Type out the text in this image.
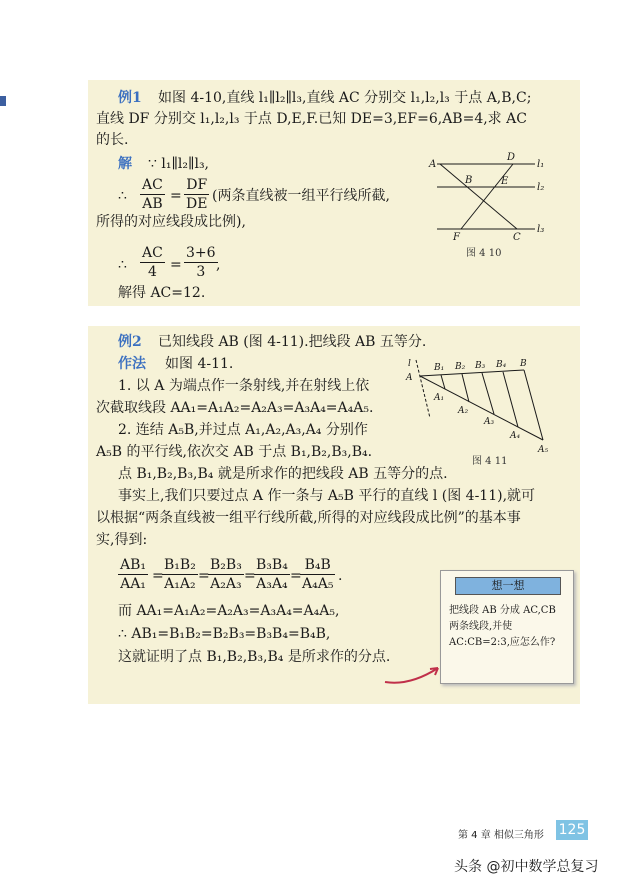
例1 如图 4-10,直线 l₁∥l₂∥l₃,直线 AC 分别交 l₁,l₂,l₃ 于点 A,B,C;
直线 DF 分别交 l₁,l₂,l₃ 于点 D,E,F.已知 DE=3,EF=6,AB=4,求 AC
的长.
解 ∵ l₁∥l₂∥l₃,
∴ $\frac{AC}{AB} = \frac{DF}{DE}$ (两条直线被一组平行线所截,
所得的对应线段成比例),
∴ $\frac{AC}{4} = \frac{3+6}{3}$
,
解得 AC=12.
A
B
C
D
E
F
l₁
l₂
l₃
图 4 10
例2 已知线段 AB (图 4-11).把线段 AB 五等分.
作法 如图 4-11.
1. 以 A 为端点作一条射线,并在射线上依
次截取线段 AA₁=A₁A₂=A₂A₃=A₃A₄=A₄A₅.
2. 连结 A₅B,并过点 A₁,A₂,A₃,A₄ 分别作
A₅B 的平行线,依次交 AB 于点 B₁,B₂,B₃,B₄.
点 B₁,B₂,B₃,B₄ 就是所求作的把线段 AB 五等分的点.
事实上,我们只要过点 A 作一条与 A₅B 平行的直线 l (图 4-11),就可
以根据“两条直线被一组平行线所截,所得的对应线段成比例”的基本事
实,得到:
$\frac{\text{AB₁}}{\text{AA₁}}$ =
$\frac{\text{B₁B₂}}{\text{A₁A₂}}$ =
$\frac{\text{B₂B₃}}{\text{A₂A₃}}$ =
$\frac{\text{B₃B₄}}{\text{A₃A₄}}$ =
$\frac{\text{B₄B}}{\text{A₄A₅}}$ .
而 AA₁=A₁A₂=A₂A₃=A₃A₄=A₄A₅,
∴ AB₁=B₁B₂=B₂B₃=B₃B₄=B₄B,
这就证明了点 B₁,B₂,B₃,B₄ 是所求作的分点.
l
A
B₁ B₂ B₃ B₄ B
A₁
A₂
A₃
A₄
A₅
图 4 11
想一想
把线段 AB 分成 AC,CB 两条线段,并使 AC:CB=2:3,应怎么作?
第 4 章 相似三角形 125
头条 @初中数学总复习
